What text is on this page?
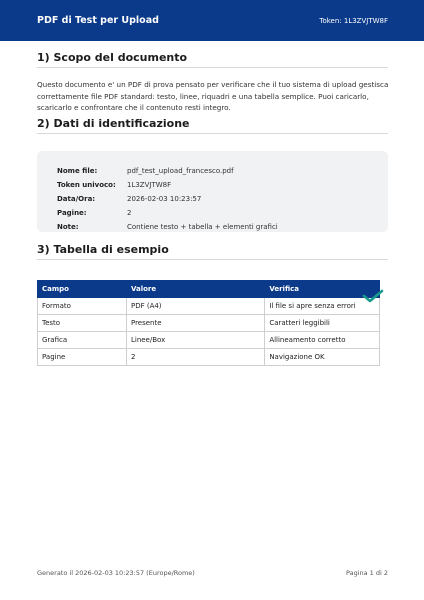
PDF di Test per Upload	Token: 1L3ZVJTW8F
1) Scopo del documento
Questo documento e' un PDF di prova pensato per verificare che il tuo sistema di upload gestisca correttamente file PDF standard: testo, linee, riquadri e una tabella semplice. Puoi caricarlo, scaricarlo e confrontare che il contenuto resti integro.
2) Dati di identificazione
Nome file:	pdf_test_upload_francesco.pdf
Token univoco: 1L3ZVJTW8F
Data/Ora:	2026-02-03 10:23:57
Pagine:	2
Note:	Contiene testo + tabella + elementi grafici
3) Tabella di esempio
Campo	Valore	Verifica
Formato	PDF (A4)	Il file si apre senza errori
Testo	Presente	Caratteri leggibili
Grafica	Linee/Box	Allineamento corretto
Pagine	2	Navigazione OK
Generato il 2026-02-03 10:23:57 (Europe/Rome)	Pagina 1 di 2
